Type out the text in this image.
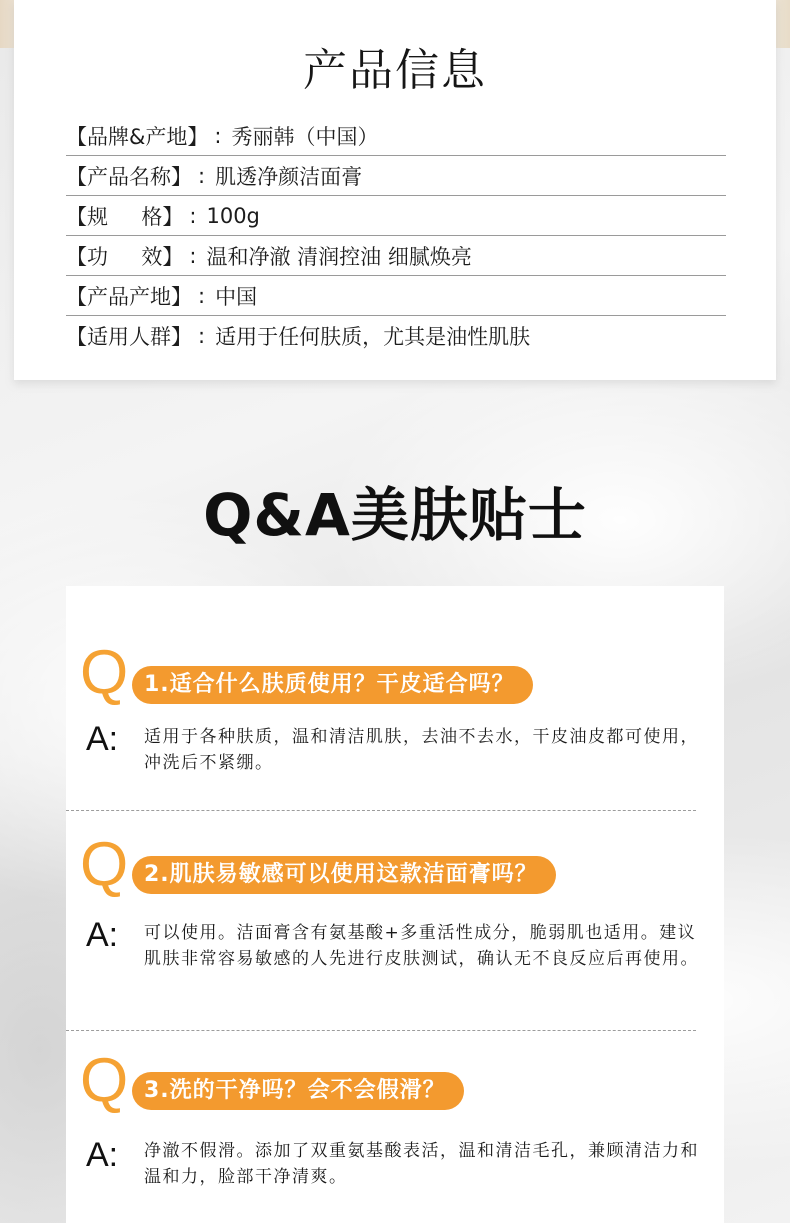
产品信息
【品牌&产地】 : 秀丽韩（中国）
【产品名称】 : 肌透净颜洁面膏
【规     格】 : 100g
【功     效】 : 温和净澈 清润控油 细腻焕亮
【产品产地】 : 中国
【适用人群】 : 适用于任何肤质，尤其是油性肌肤
Q&A美肤贴士
Q 1.适合什么肤质使用？干皮适合吗？
A: 适用于各种肤质，温和清洁肌肤，去油不去水，干皮油皮都可使用，冲洗后不紧绷。

Q 2.肌肤易敏感可以使用这款洁面膏吗？
A: 可以使用。洁面膏含有氨基酸+多重活性成分，脆弱肌也适用。建议肌肤非常容易敏感的人先进行皮肤测试，确认无不良反应后再使用。

Q 3.洗的干净吗？会不会假滑？
A: 净澈不假滑。添加了双重氨基酸表活，温和清洁毛孔，兼顾清洁力和温和力，脸部干净清爽。
